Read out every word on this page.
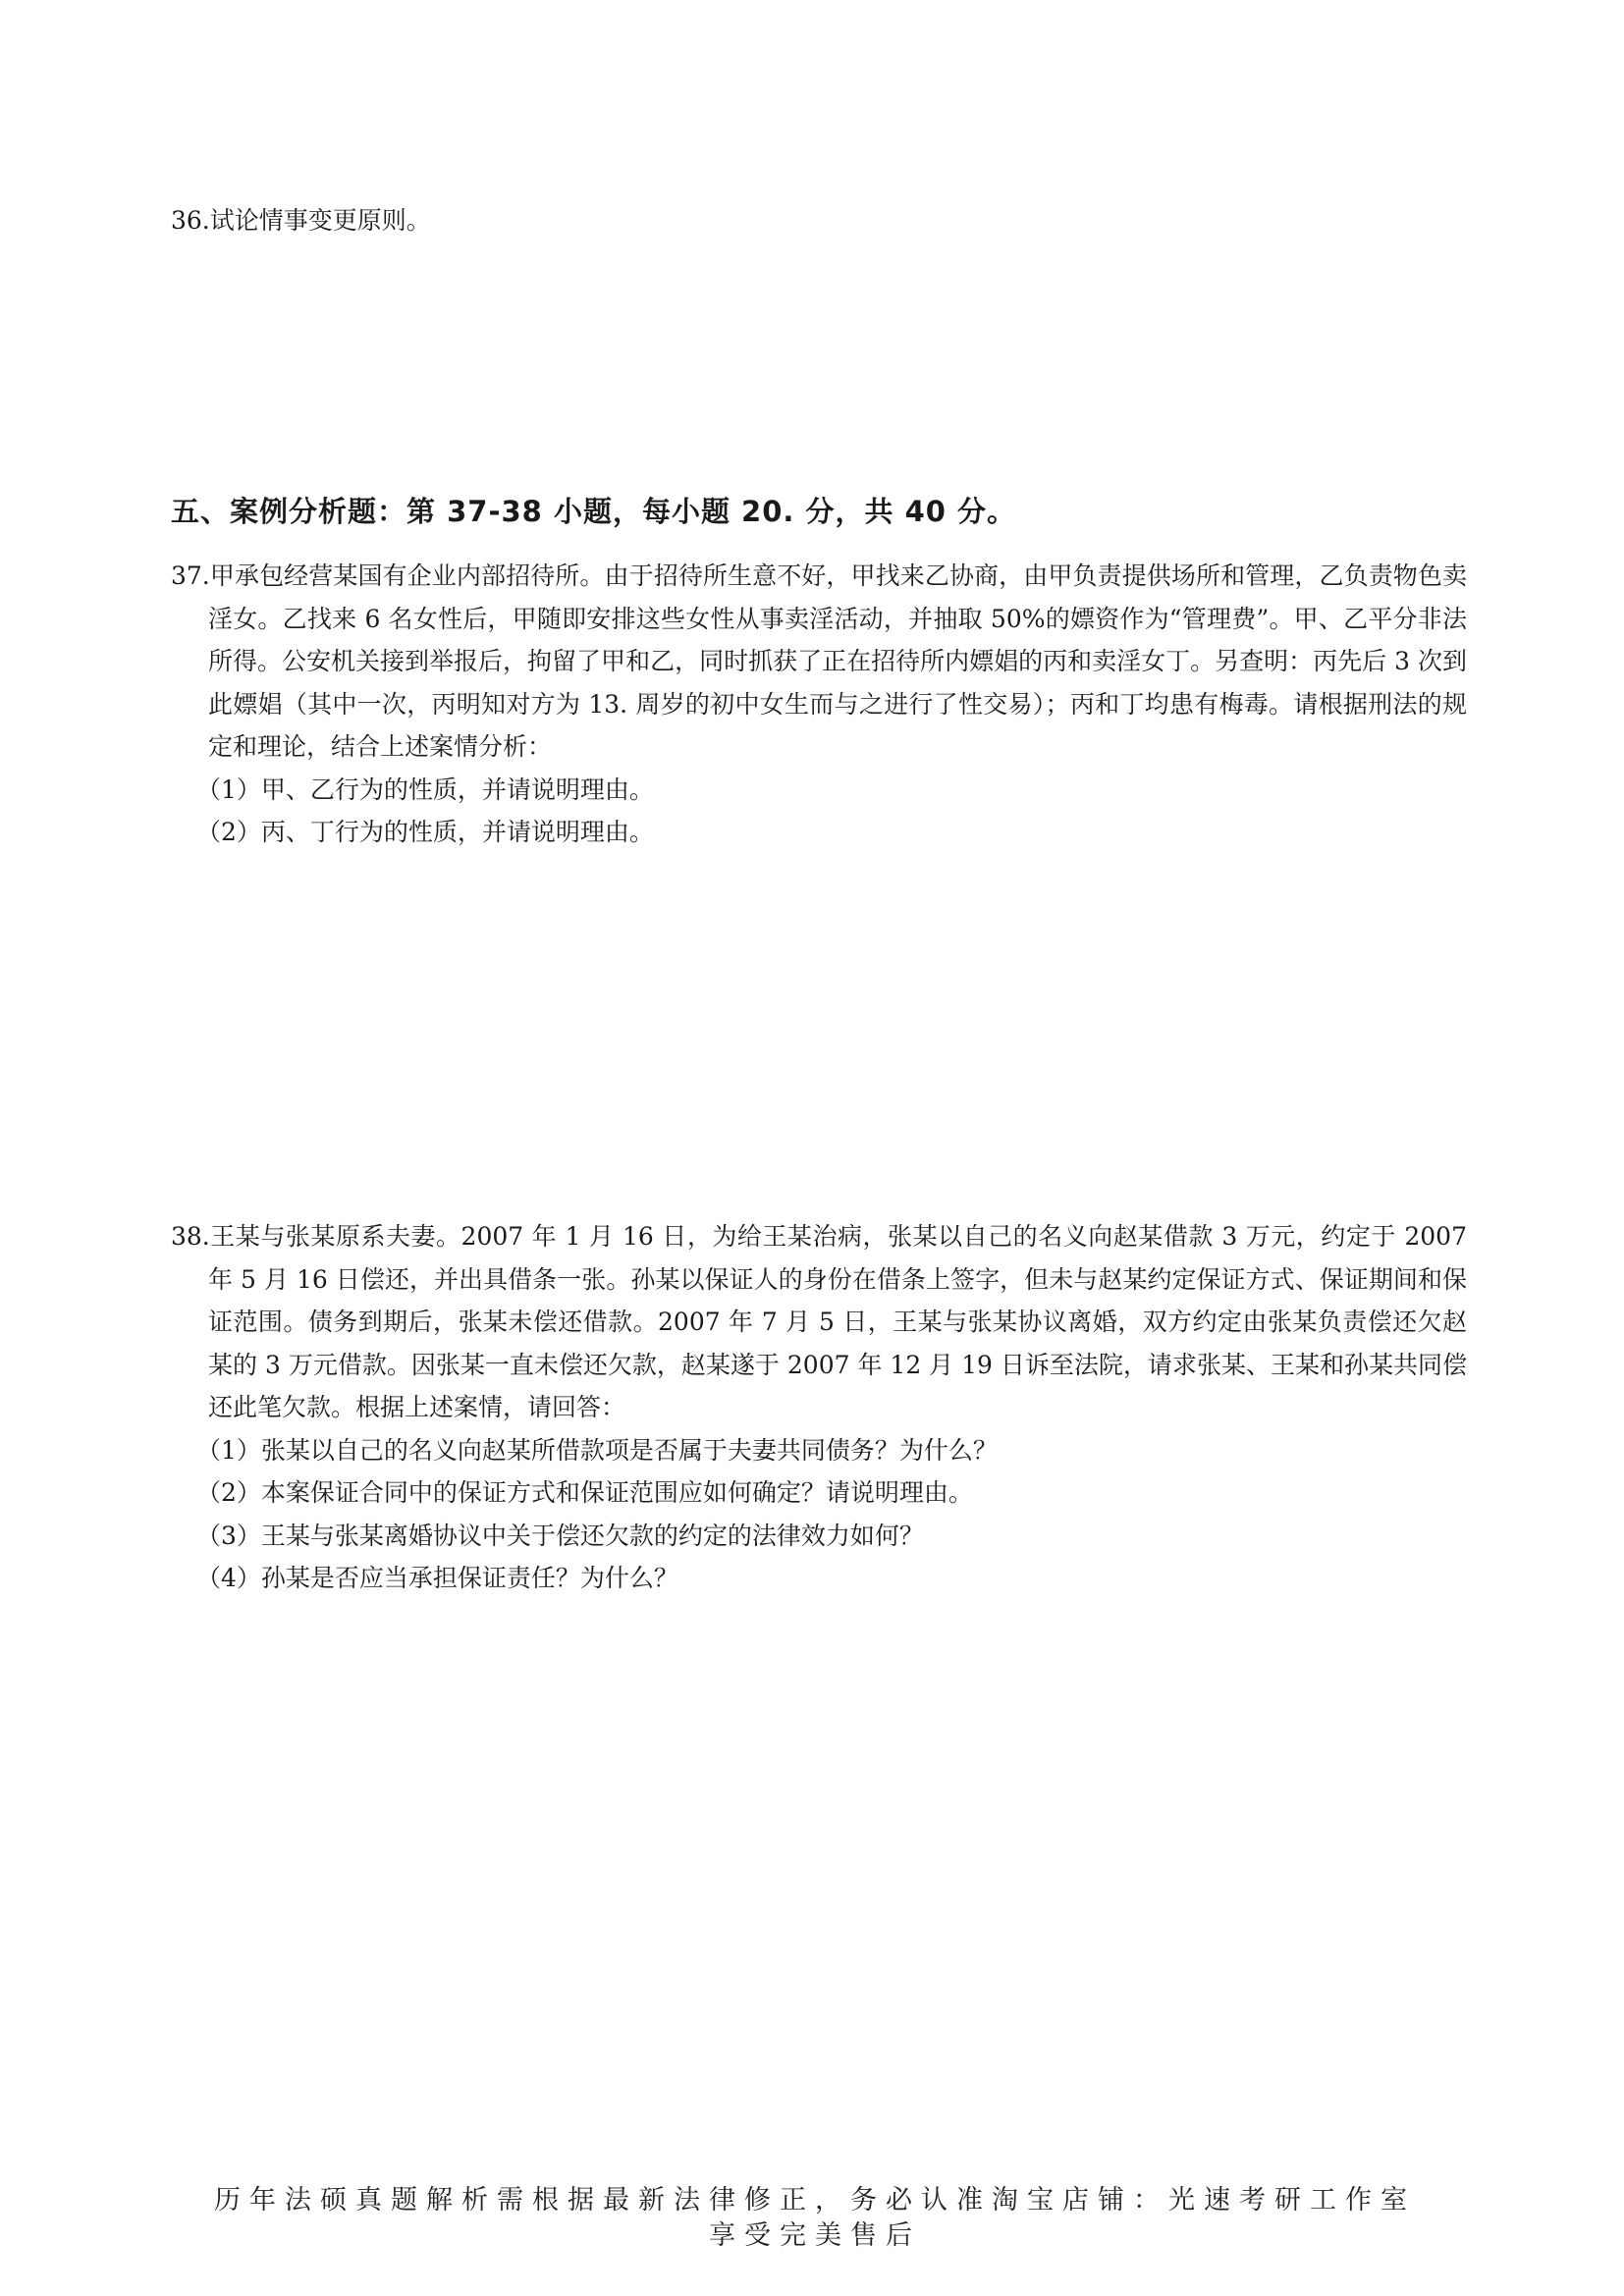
36.试论情事变更原则。
五、案例分析题：第 37-38 小题，每小题 20. 分，共 40 分。

37.甲承包经营某国有企业内部招待所。由于招待所生意不好，甲找来乙协商，由甲负责提供场所和管理，乙负责物色卖淫女。乙找来 6 名女性后，甲随即安排这些女性从事卖淫活动，并抽取 50%的嫖资作为“管理费”。甲、乙平分非法所得。公安机关接到举报后，拘留了甲和乙，同时抓获了正在招待所内嫖娼的丙和卖淫女丁。另查明：丙先后 3 次到此嫖娼（其中一次，丙明知对方为 13. 周岁的初中女生而与之进行了性交易）；丙和丁均患有梅毒。请根据刑法的规定和理论，结合上述案情分析：

（1）甲、乙行为的性质，并请说明理由。
（2）丙、丁行为的性质，并请说明理由。

38.王某与张某原系夫妻。2007 年 1 月 16 日，为给王某治病，张某以自己的名义向赵某借款 3 万元，约定于 2007 年 5 月 16 日偿还，并出具借条一张。孙某以保证人的身份在借条上签字，但未与赵某约定保证方式、保证期间和保证范围。债务到期后，张某未偿还借款。2007 年 7 月 5 日，王某与张某协议离婚，双方约定由张某负责偿还欠赵某的 3 万元借款。因张某一直未偿还欠款，赵某遂于 2007 年 12 月 19 日诉至法院，请求张某、王某和孙某共同偿还此笔欠款。根据上述案情，请回答：

（1）张某以自己的名义向赵某所借款项是否属于夫妻共同债务？为什么？
（2）本案保证合同中的保证方式和保证范围应如何确定？请说明理由。
（3）王某与张某离婚协议中关于偿还欠款的约定的法律效力如何？
（4）孙某是否应当承担保证责任？为什么？
历年法硕真题解析需根据最新法律修正，务必认准淘宝店铺：光速考研工作室
享受完美售后
